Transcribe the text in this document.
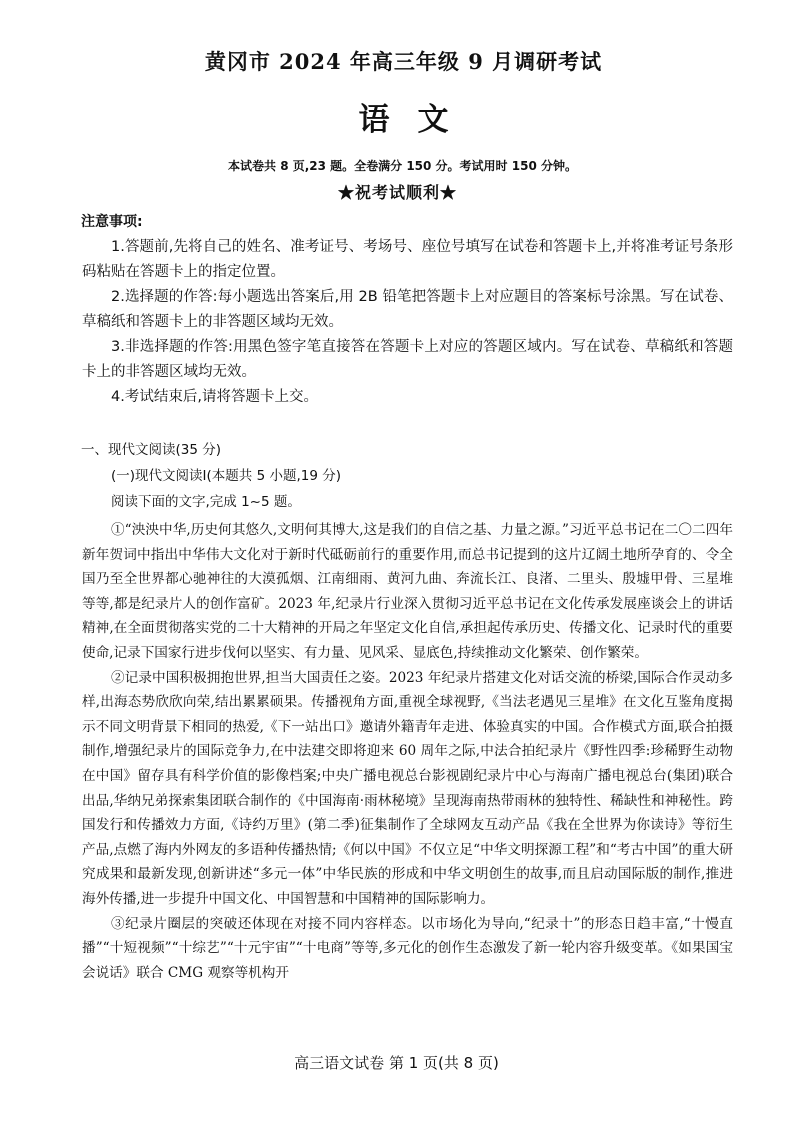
黄冈市 2024 年高三年级 9 月调研考试
语文
本试卷共 8 页,23 题。全卷满分 150 分。考试用时 150 分钟。
★祝考试顺利★
注意事项:

1.答题前,先将自己的姓名、准考证号、考场号、座位号填写在试卷和答题卡上,并将准考证号条形码粘贴在答题卡上的指定位置。

2.选择题的作答:每小题选出答案后,用 2B 铅笔把答题卡上对应题目的答案标号涂黑。写在试卷、草稿纸和答题卡上的非答题区域均无效。

3.非选择题的作答:用黑色签字笔直接答在答题卡上对应的答题区域内。写在试卷、草稿纸和答题卡上的非答题区域均无效。

4.考试结束后,请将答题卡上交。

一、现代文阅读(35 分)
(一)现代文阅读Ⅰ(本题共 5 小题,19 分)
阅读下面的文字,完成 1~5 题。

①“泱泱中华,历史何其悠久,文明何其博大,这是我们的自信之基、力量之源。”习近平总书记在二〇二四年新年贺词中指出中华伟大文化对于新时代砥砺前行的重要作用,而总书记提到的这片辽阔土地所孕育的、令全国乃至全世界都心驰神往的大漠孤烟、江南细雨、黄河九曲、奔流长江、良渚、二里头、殷墟甲骨、三星堆等等,都是纪录片人的创作富矿。2023 年,纪录片行业深入贯彻习近平总书记在文化传承发展座谈会上的讲话精神,在全面贯彻落实党的二十大精神的开局之年坚定文化自信,承担起传承历史、传播文化、记录时代的重要使命,记录下国家行进步伐何以坚实、有力量、见风采、显底色,持续推动文化繁荣、创作繁荣。

②记录中国积极拥抱世界,担当大国责任之姿。2023 年纪录片搭建文化对话交流的桥梁,国际合作灵动多样,出海态势欣欣向荣,结出累累硕果。传播视角方面,重视全球视野,《当法老遇见三星堆》在文化互鉴角度揭示不同文明背景下相同的热爱,《下一站出口》邀请外籍青年走进、体验真实的中国。合作模式方面,联合拍摄制作,增强纪录片的国际竞争力,在中法建交即将迎来 60 周年之际,中法合拍纪录片《野性四季:珍稀野生动物在中国》留存具有科学价值的影像档案;中央广播电视总台影视剧纪录片中心与海南广播电视总台(集团)联合出品,华纳兄弟探索集团联合制作的《中国海南·雨林秘境》呈现海南热带雨林的独特性、稀缺性和神秘性。跨国发行和传播效力方面,《诗约万里》(第二季)征集制作了全球网友互动产品《我在全世界为你读诗》等衍生产品,点燃了海内外网友的多语种传播热情;《何以中国》不仅立足“中华文明探源工程”和“考古中国”的重大研究成果和最新发现,创新讲述“多元一体”中华民族的形成和中华文明创生的故事,而且启动国际版的制作,推进海外传播,进一步提升中国文化、中国智慧和中国精神的国际影响力。

③纪录片圈层的突破还体现在对接不同内容样态。以市场化为导向,“纪录十”的形态日趋丰富,“十慢直播”“十短视频”“十综艺”“十元宇宙”“十电商”等等,多元化的创作生态激发了新一轮内容升级变革。《如果国宝会说话》联合 CMG 观察等机构开

高三语文试卷 第 1 页(共 8 页)
